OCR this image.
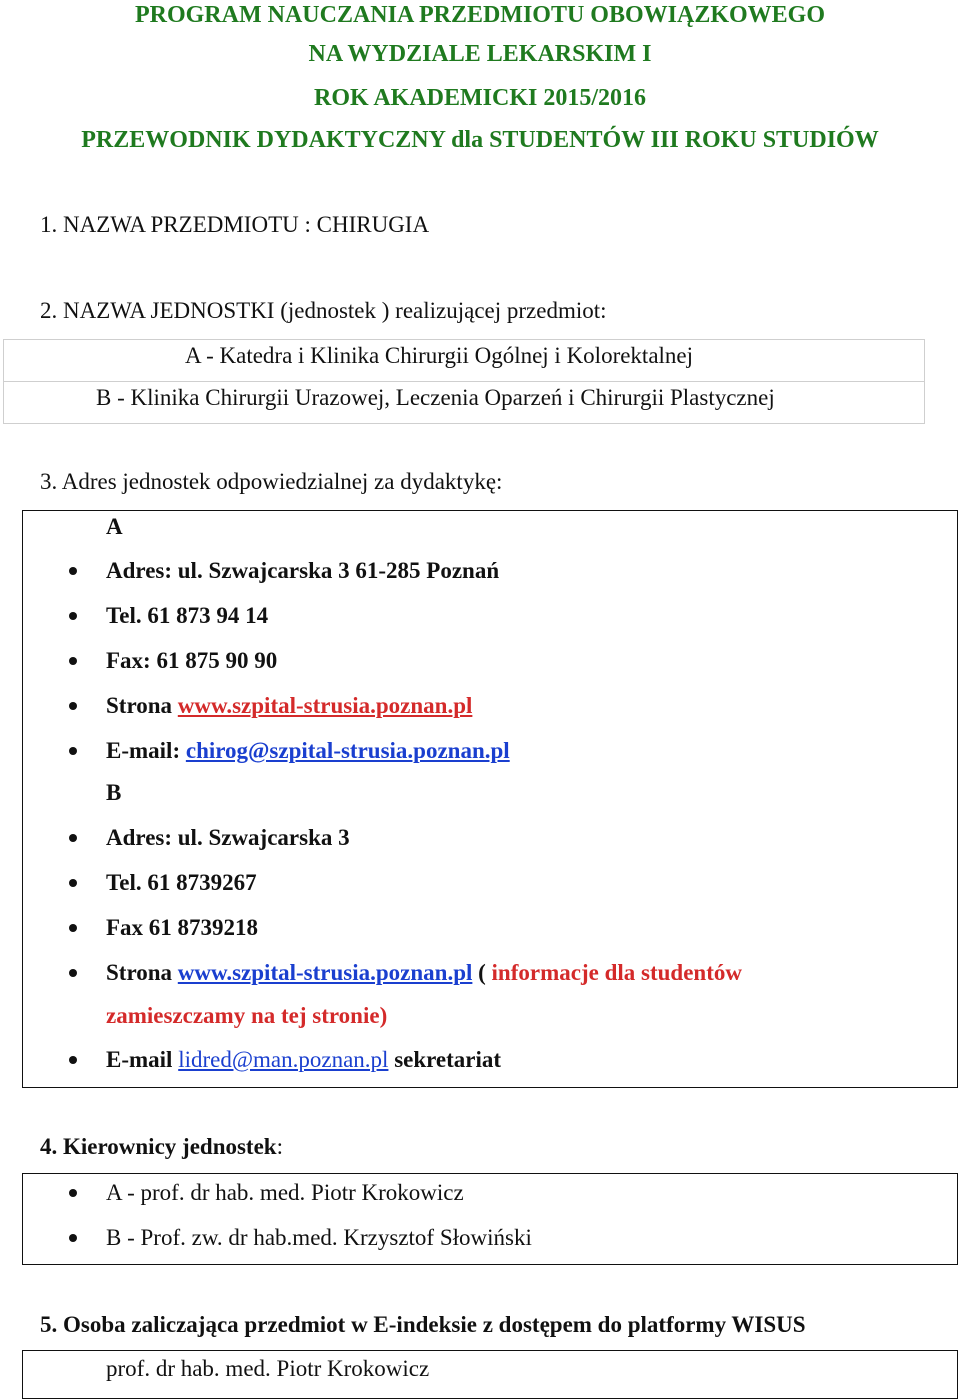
PROGRAM NAUCZANIA PRZEDMIOTU OBOWIĄZKOWEGO
NA WYDZIALE LEKARSKIM I
ROK AKADEMICKI 2015/2016
PRZEWODNIK DYDAKTYCZNY dla STUDENTÓW III ROKU STUDIÓW
1. NAZWA PRZEDMIOTU : CHIRUGIA
2. NAZWA JEDNOSTKI (jednostek ) realizującej przedmiot:
A - Katedra i Klinika Chirurgii Ogólnej i Kolorektalnej
B - Klinika Chirurgii Urazowej, Leczenia Oparzeń i Chirurgii Plastycznej
3. Adres jednostek odpowiedzialnej za dydaktykę:
A
Adres: ul. Szwajcarska 3 61-285 Poznań
Tel. 61 873 94 14
Fax: 61 875 90 90
Strona www.szpital-strusia.poznan.pl
E-mail: chirog@szpital-strusia.poznan.pl
B
Adres: ul. Szwajcarska 3
Tel. 61 8739267
Fax 61 8739218
Strona www.szpital-strusia.poznan.pl ( informacje dla studentów
zamieszczamy na tej stronie)
E-mail lidred@man.poznan.pl sekretariat
4. Kierownicy jednostek:
A - prof. dr hab. med. Piotr Krokowicz
B - Prof. zw. dr hab.med. Krzysztof Słowiński
5. Osoba zaliczająca przedmiot w E-indeksie z dostępem do platformy WISUS
prof. dr hab. med. Piotr Krokowicz
